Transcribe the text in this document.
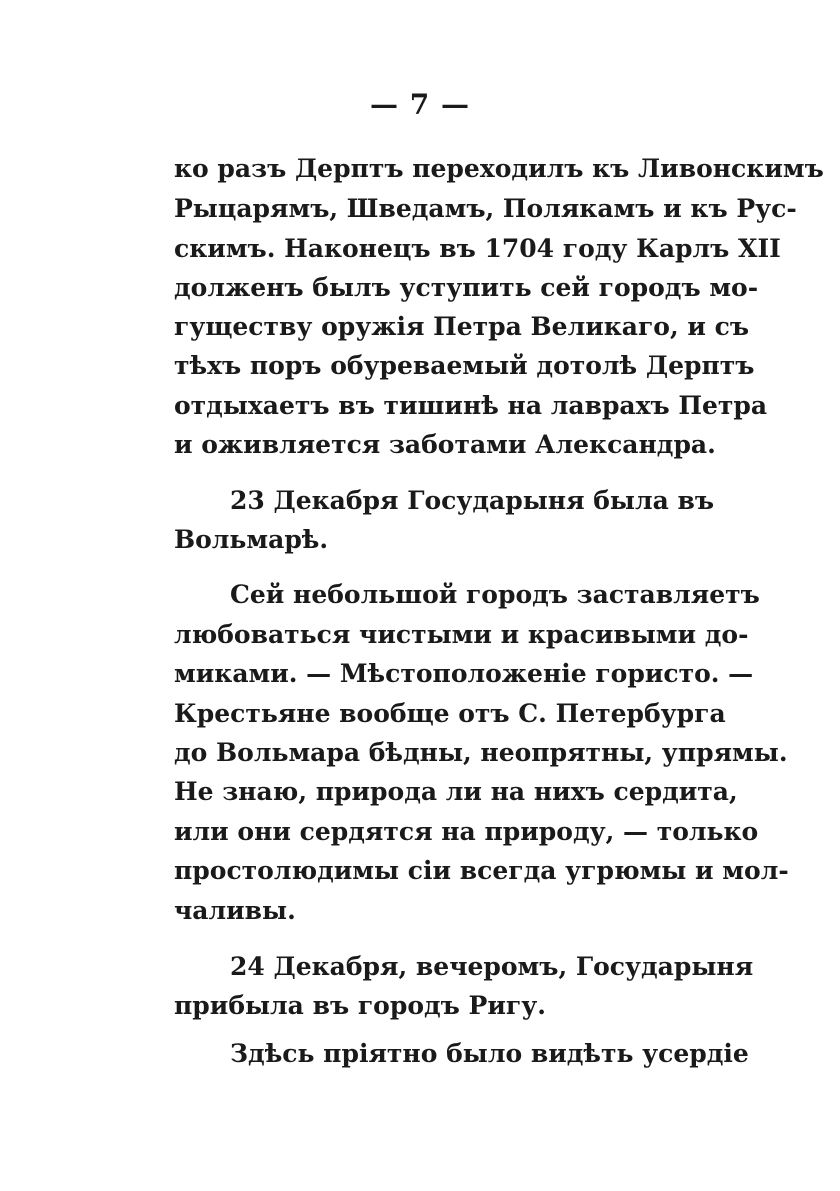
— 7 —
ко разъ Дерптъ переходилъ къ Ливонскимъ
Рыцарямъ, Шведамъ, Полякамъ и къ Рус-
скимъ. Наконецъ въ 1704 году Карлъ XII
долженъ былъ уступить сей городъ мо-
гуществу оружія Петра Великаго, и съ
тѣхъ поръ обуреваемый дотолѣ Дерптъ
отдыхаетъ въ тишинѣ на лаврахъ Петра
и оживляется заботами Александра.
23 Декабря Государыня была въ
Вольмарѣ.
Сей небольшой городъ заставляетъ
любоваться чистыми и красивыми до-
миками. — Мѣстоположеніе гористо. —
Крестьяне вообще отъ С. Петербурга
до Вольмара бѣдны, неопрятны, упрямы.
Не знаю, природа ли на нихъ сердита,
или они сердятся на природу, — только
простолюдимы сіи всегда угрюмы и мол-
чаливы.
24 Декабря, вечеромъ, Государыня
прибыла въ городъ Ригу.
Здѣсь пріятно было видѣть усердіе
